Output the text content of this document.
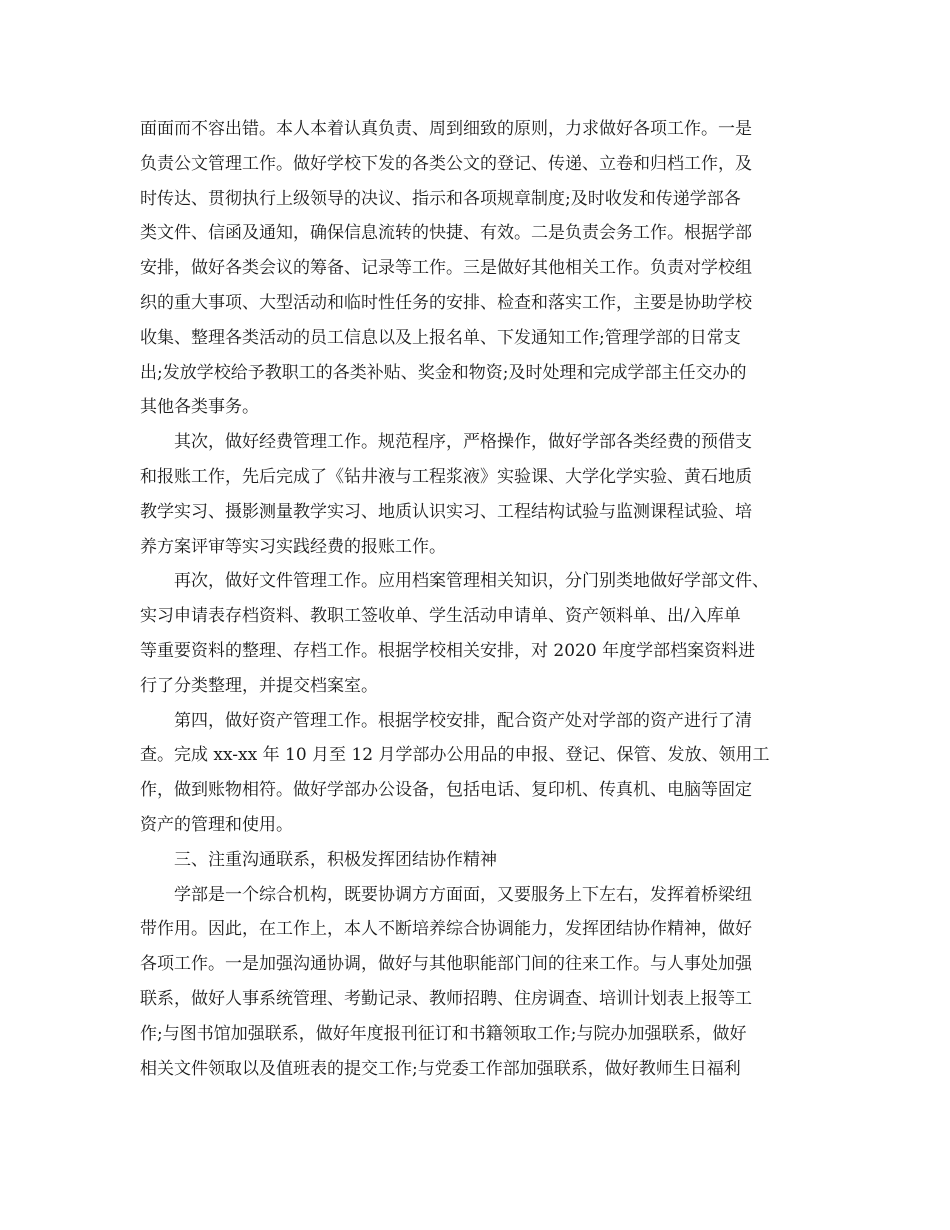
面面而不容出错。本人本着认真负责、周到细致的原则，力求做好各项工作。一是
负责公文管理工作。做好学校下发的各类公文的登记、传递、立卷和归档工作，及
时传达、贯彻执行上级领导的决议、指示和各项规章制度;及时收发和传递学部各
类文件、信函及通知，确保信息流转的快捷、有效。二是负责会务工作。根据学部
安排，做好各类会议的筹备、记录等工作。三是做好其他相关工作。负责对学校组
织的重大事项、大型活动和临时性任务的安排、检查和落实工作，主要是协助学校
收集、整理各类活动的员工信息以及上报名单、下发通知工作;管理学部的日常支
出;发放学校给予教职工的各类补贴、奖金和物资;及时处理和完成学部主任交办的
其他各类事务。
其次，做好经费管理工作。规范程序，严格操作，做好学部各类经费的预借支
和报账工作，先后完成了《钻井液与工程浆液》实验课、大学化学实验、黄石地质
教学实习、摄影测量教学实习、地质认识实习、工程结构试验与监测课程试验、培
养方案评审等实习实践经费的报账工作。
再次，做好文件管理工作。应用档案管理相关知识，分门别类地做好学部文件、
实习申请表存档资料、教职工签收单、学生活动申请单、资产领料单、出/入库单
等重要资料的整理、存档工作。根据学校相关安排，对 2020 年度学部档案资料进
行了分类整理，并提交档案室。
第四，做好资产管理工作。根据学校安排，配合资产处对学部的资产进行了清
查。完成 xx-xx 年 10 月至 12 月学部办公用品的申报、登记、保管、发放、领用工
作，做到账物相符。做好学部办公设备，包括电话、复印机、传真机、电脑等固定
资产的管理和使用。
三、注重沟通联系，积极发挥团结协作精神
学部是一个综合机构，既要协调方方面面，又要服务上下左右，发挥着桥梁纽
带作用。因此，在工作上，本人不断培养综合协调能力，发挥团结协作精神，做好
各项工作。一是加强沟通协调，做好与其他职能部门间的往来工作。与人事处加强
联系，做好人事系统管理、考勤记录、教师招聘、住房调查、培训计划表上报等工
作;与图书馆加强联系，做好年度报刊征订和书籍领取工作;与院办加强联系，做好
相关文件领取以及值班表的提交工作;与党委工作部加强联系，做好教师生日福利
